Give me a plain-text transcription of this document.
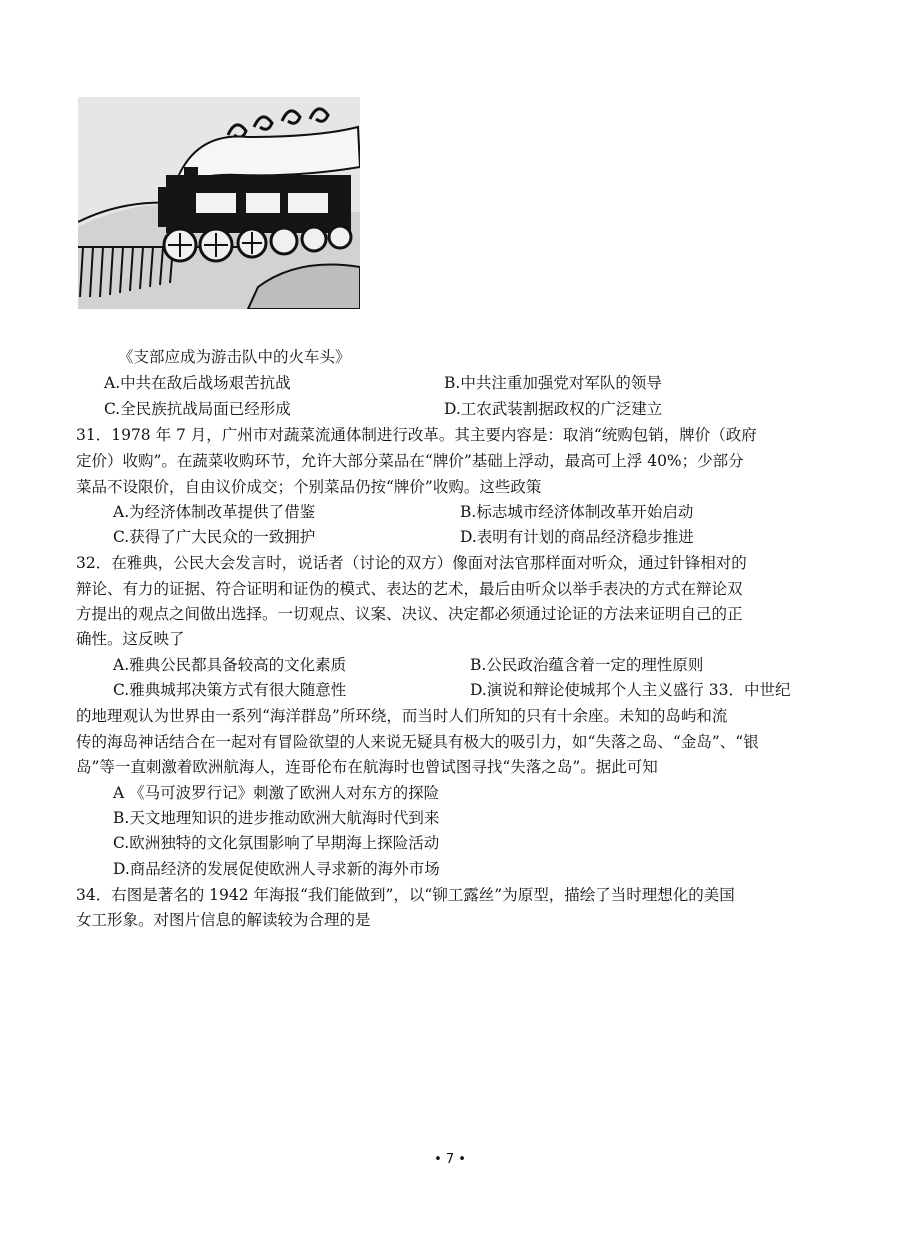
《支部应成为游击队中的火车头》
A.中共在敌后战场艰苦抗战	B.中共注重加强党对军队的领导
C.全民族抗战局面已经形成	D.工农武装割据政权的广泛建立
31．1978 年 7 月，广州市对蔬菜流通体制进行改革。其主要内容是：取消“统购包销，牌价（政府
定价）收购”。在蔬菜收购环节，允许大部分菜品在“牌价”基础上浮动，最高可上浮 40%；少部分
菜品不设限价，自由议价成交；个别菜品仍按“牌价”收购。这些政策
A.为经济体制改革提供了借鉴	B.标志城市经济体制改革开始启动
C.获得了广大民众的一致拥护	D.表明有计划的商品经济稳步推进
32．在雅典，公民大会发言时，说话者（讨论的双方）像面对法官那样面对听众，通过针锋相对的
辩论、有力的证据、符合证明和证伪的模式、表达的艺术，最后由听众以举手表决的方式在辩论双
方提出的观点之间做出选择。一切观点、议案、决议、决定都必须通过论证的方法来证明自己的正
确性。这反映了
A.雅典公民都具备较高的文化素质	B.公民政治蕴含着一定的理性原则
C.雅典城邦决策方式有很大随意性	D.演说和辩论使城邦个人主义盛行 33．中世纪
的地理观认为世界由一系列“海洋群岛”所环绕，而当时人们所知的只有十余座。未知的岛屿和流
传的海岛神话结合在一起对有冒险欲望的人来说无疑具有极大的吸引力，如“失落之岛、“金岛”、“银
岛”等一直刺激着欧洲航海人，连哥伦布在航海时也曾试图寻找“失落之岛”。据此可知
A 《马可波罗行记》刺激了欧洲人对东方的探险
B.天文地理知识的进步推动欧洲大航海时代到来
C.欧洲独特的文化氛围影响了早期海上探险活动
D.商品经济的发展促使欧洲人寻求新的海外市场
34．右图是著名的 1942 年海报“我们能做到”，以“铆工露丝”为原型，描绘了当时理想化的美国
女工形象。对图片信息的解读较为合理的是
• 7 •
